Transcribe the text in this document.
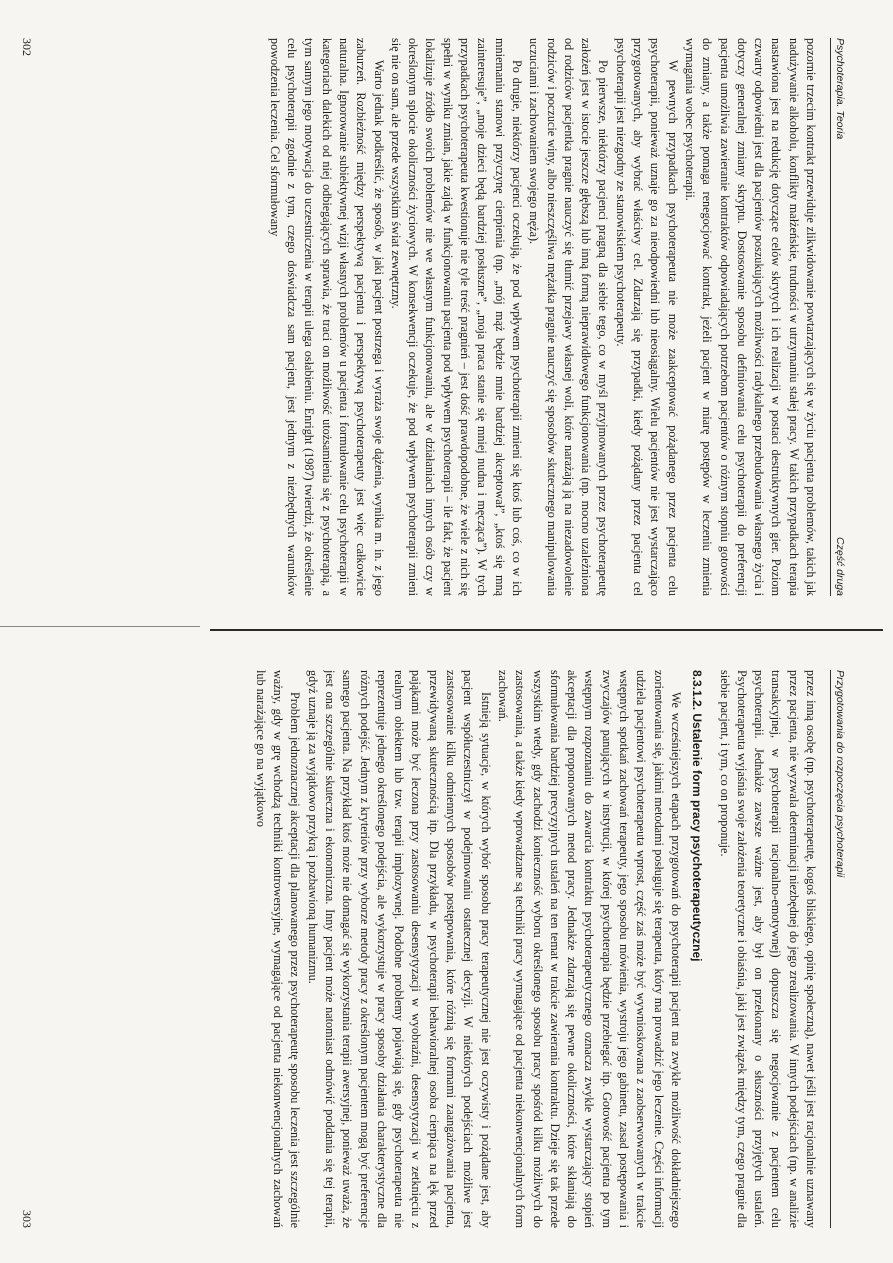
Psychoterapia. Teoria
Część druga

pozornie trzecim kontrakt przewiduje zlikwidowanie powtarzających się w życiu pacjenta problemów, takich jak nadużywanie alkoholu, konflikty małżeńskie, trudności w utrzymaniu stałej pracy. W takich przypadkach terapia nastawiona jest na redukcję dotyczące celów skrytych i ich realizacji w postaci destruktywnych gier. Poziom czwarty odpowiedni jest dla pacjentów poszukujących możliwości radykalnego przebudowania własnego życia i dotyczy generalnej zmiany skryptu. Dostosowanie sposobu definiowania celu psychoterapii do preferencji pacjenta umożliwia zawieranie kontraktów odpowiadających potrzebom pacjentów o różnym stopniu gotowości do zmiany, a także pomaga renegocjować kontrakt, jeżeli pacjent w miarę postępów w leczeniu zmienia wymagania wobec psychoterapii.

W pewnych przypadkach psychoterapeuta nie może zaakceptować pożądanego przez pacjenta celu psychoterapii, ponieważ uznaje go za nieodpowiedni lub nieosiągalny. Wielu pacjentów nie jest wystarczająco przygotowanych, aby wybrać właściwy cel. Zdarzają się przypadki, kiedy pożądany przez pacjenta cel psychoterapii jest niezgodny ze stanowiskiem psychoterapeuty.

Po pierwsze, niektórzy pacjenci pragną dla siebie tego, co w myśl przyjmowanych przez psychoterapeutę założeń jest w istocie jeszcze głębszą lub inną formą nieprawidłowego funkcjonowania (np. mocno uzależniona od rodziców pacjentka pragnie nauczyć się tłumić przejawy własnej woli, które narażają ją na niezadowolenie rodziców i poczucie winy, albo nieszczęśliwa mężatka pragnie nauczyć się sposobów skutecznego manipulowania uczuciami i zachowaniem swojego męża).

Po drugie, niektórzy pacjenci oczekują, że pod wpływem psychoterapii zmieni się ktoś lub coś, co w ich mniemaniu stanowi przyczynę cierpienia (np. „mój mąż będzie mnie bardziej akceptował”, „ktoś się mną zainteresuje”, „moje dzieci będą bardziej posłuszne”, „moja praca stanie się mniej nudna i męcząca”). W tych przypadkach psychoterapeuta kwestionuje nie tyle treść pragnień – jest dość prawdopodobne, że wiele z nich się spełni w wyniku zmian, jakie zajdą w funkcjonowaniu pacjenta pod wpływem psychoterapii – ile fakt, że pacjent lokalizuje źródło swoich problemów nie we własnym funkcjonowaniu, ale w działaniach innych osób czy w określonym splocie okoliczności życiowych. W konsekwencji oczekuje, że pod wpływem psychoterapii zmieni się nie on sam, ale przede wszystkim świat zewnętrzny.

Warto jednak podkreślić, że sposób, w jaki pacjent postrzega i wyraża swoje dążenia, wynika m. in. z jego zaburzeń. Rozbieżność między perspektywą pacjenta i perspektywą psychoterapeuty jest więc całkowicie naturalna. Ignorowanie subiektywnej wizji własnych problemów u pacjenta i formułowanie celu psychoterapii w kategoriach dalekich od niej odbiegających sprawia, że traci on możliwość utożsamienia się z psychoterapią, a tym samym jego motywacja do uczestniczenia w terapii ulega osłabieniu. Enright (1987) twierdzi, że określenie celu psychoterapii zgodnie z tym, czego doświadcza sam pacjent, jest jednym z niezbędnych warunków powodzenia leczenia. Cel sformułowany

302
Przygotowania do rozpoczęcia psychoterapii

przez inną osobę (np. psychoterapeutę, kogoś bliskiego, opinię społeczną), nawet jeśli jest racjonalnie uznawany przez pacjenta, nie wyzwala determinacji niezbędnej do jego zrealizowania. W innych podejściach (np. w analizie transakcyjnej, w psychoterapii racjonalno-emotywnej) dopuszcza się negocjowanie z pacjentem celu psychoterapii. Jednakże zawsze ważne jest, aby był on przekonany o słuszności przyjętych ustaleń. Psychoterapeuta wyjaśnia swoje założenia teoretyczne i obiaśnia, jaki jest związek między tym, czego pragnie dla siebie pacjent, i tym, co on proponuje.

8.3.1.2. Ustalenie form pracy psychoterapeutycznej

We wcześniejszych etapach przygotowań do psychoterapii pacjent ma zwykle możliwość dokładniejszego zorientowania się, jakimi metodami posługuje się terapeuta, który ma prowadzić jego leczenie. Części informacji udziela pacjentowi psychoterapeuta wprost, część zaś może być wywnioskowana z zaobserwowanych w trakcie wstępnych spotkań zachowań terapeuty, jego sposobu mówienia, wystroju jego gabinetu, zasad postępowania i zwyczajów panujących w instytucji, w której psychoterapia będzie przebiegać itp. Gotowość pacjenta po tym wstępnym rozpoznaniu do zawarcia kontraktu psychoterapeutycznego oznacza zwykle wystarczający stopień akceptacji dla proponowanych metod pracy. Jednakże zdarzają się pewne okoliczności, które skłaniają do sformułowania bardziej precyzyjnych ustaleń na ten temat w trakcie zawierania kontraktu. Dzieje się tak przede wszystkim wtedy, gdy zachodzi konieczność wyboru określonego sposobu pracy spośród kilku możliwych do zastosowania, a także kiedy wprowadzane są techniki pracy wymagające od pacjenta niekonwencjonalnych form zachowań.

Istnieją sytuacje, w których wybór sposobu pracy terapeutycznej nie jest oczywisty i pożądane jest, aby pacjent współuczestniczył w podejmowaniu ostatecznej decyzji. W niektórych podejściach możliwe jest zastosowanie kilku odmiennych sposobów postępowania, które różnią się formami zaangażowania pacjenta, przewidywaną skutecznością itp. Dla przykładu, w psychoterapii behawioralnej osoba cierpiąca na lęk przed pająkami może być leczona przy zastosowaniu desensytyzacji w wyobraźni, desensytyzacji w zetknięciu z realnym obiektem lub tzw. terapii implozywnej. Podobne problemy pojawiają się, gdy psychoterapeuta nie reprezentuje jednego określonego podejścia, ale wykorzystuje w pracy sposoby działania charakterystyczne dla różnych podejść. Jednym z kryteriów przy wyborze metody pracy z określonym pacjentem mogą być preferencje samego pacjenta. Na przykład ktoś może nie domagać się wykorzystania terapii awersyjnej, ponieważ uważa, że jest ona szczególnie skuteczna i ekonomiczna. Inny pacjent może natomiast odmówić poddania się tej terapii, gdyż uznaje ją za wyjątkowo przykrą i pozbawioną humanizmu.

Problem jednoznacznej akceptacji dla planowanego przez psychoterapeutę sposobu leczenia jest szczególnie ważny, gdy w grę wchodzą techniki kontrowersyjne, wymagające od pacjenta niekonwencjonalnych zachowań lub narażające go na wyjątkowo

303
